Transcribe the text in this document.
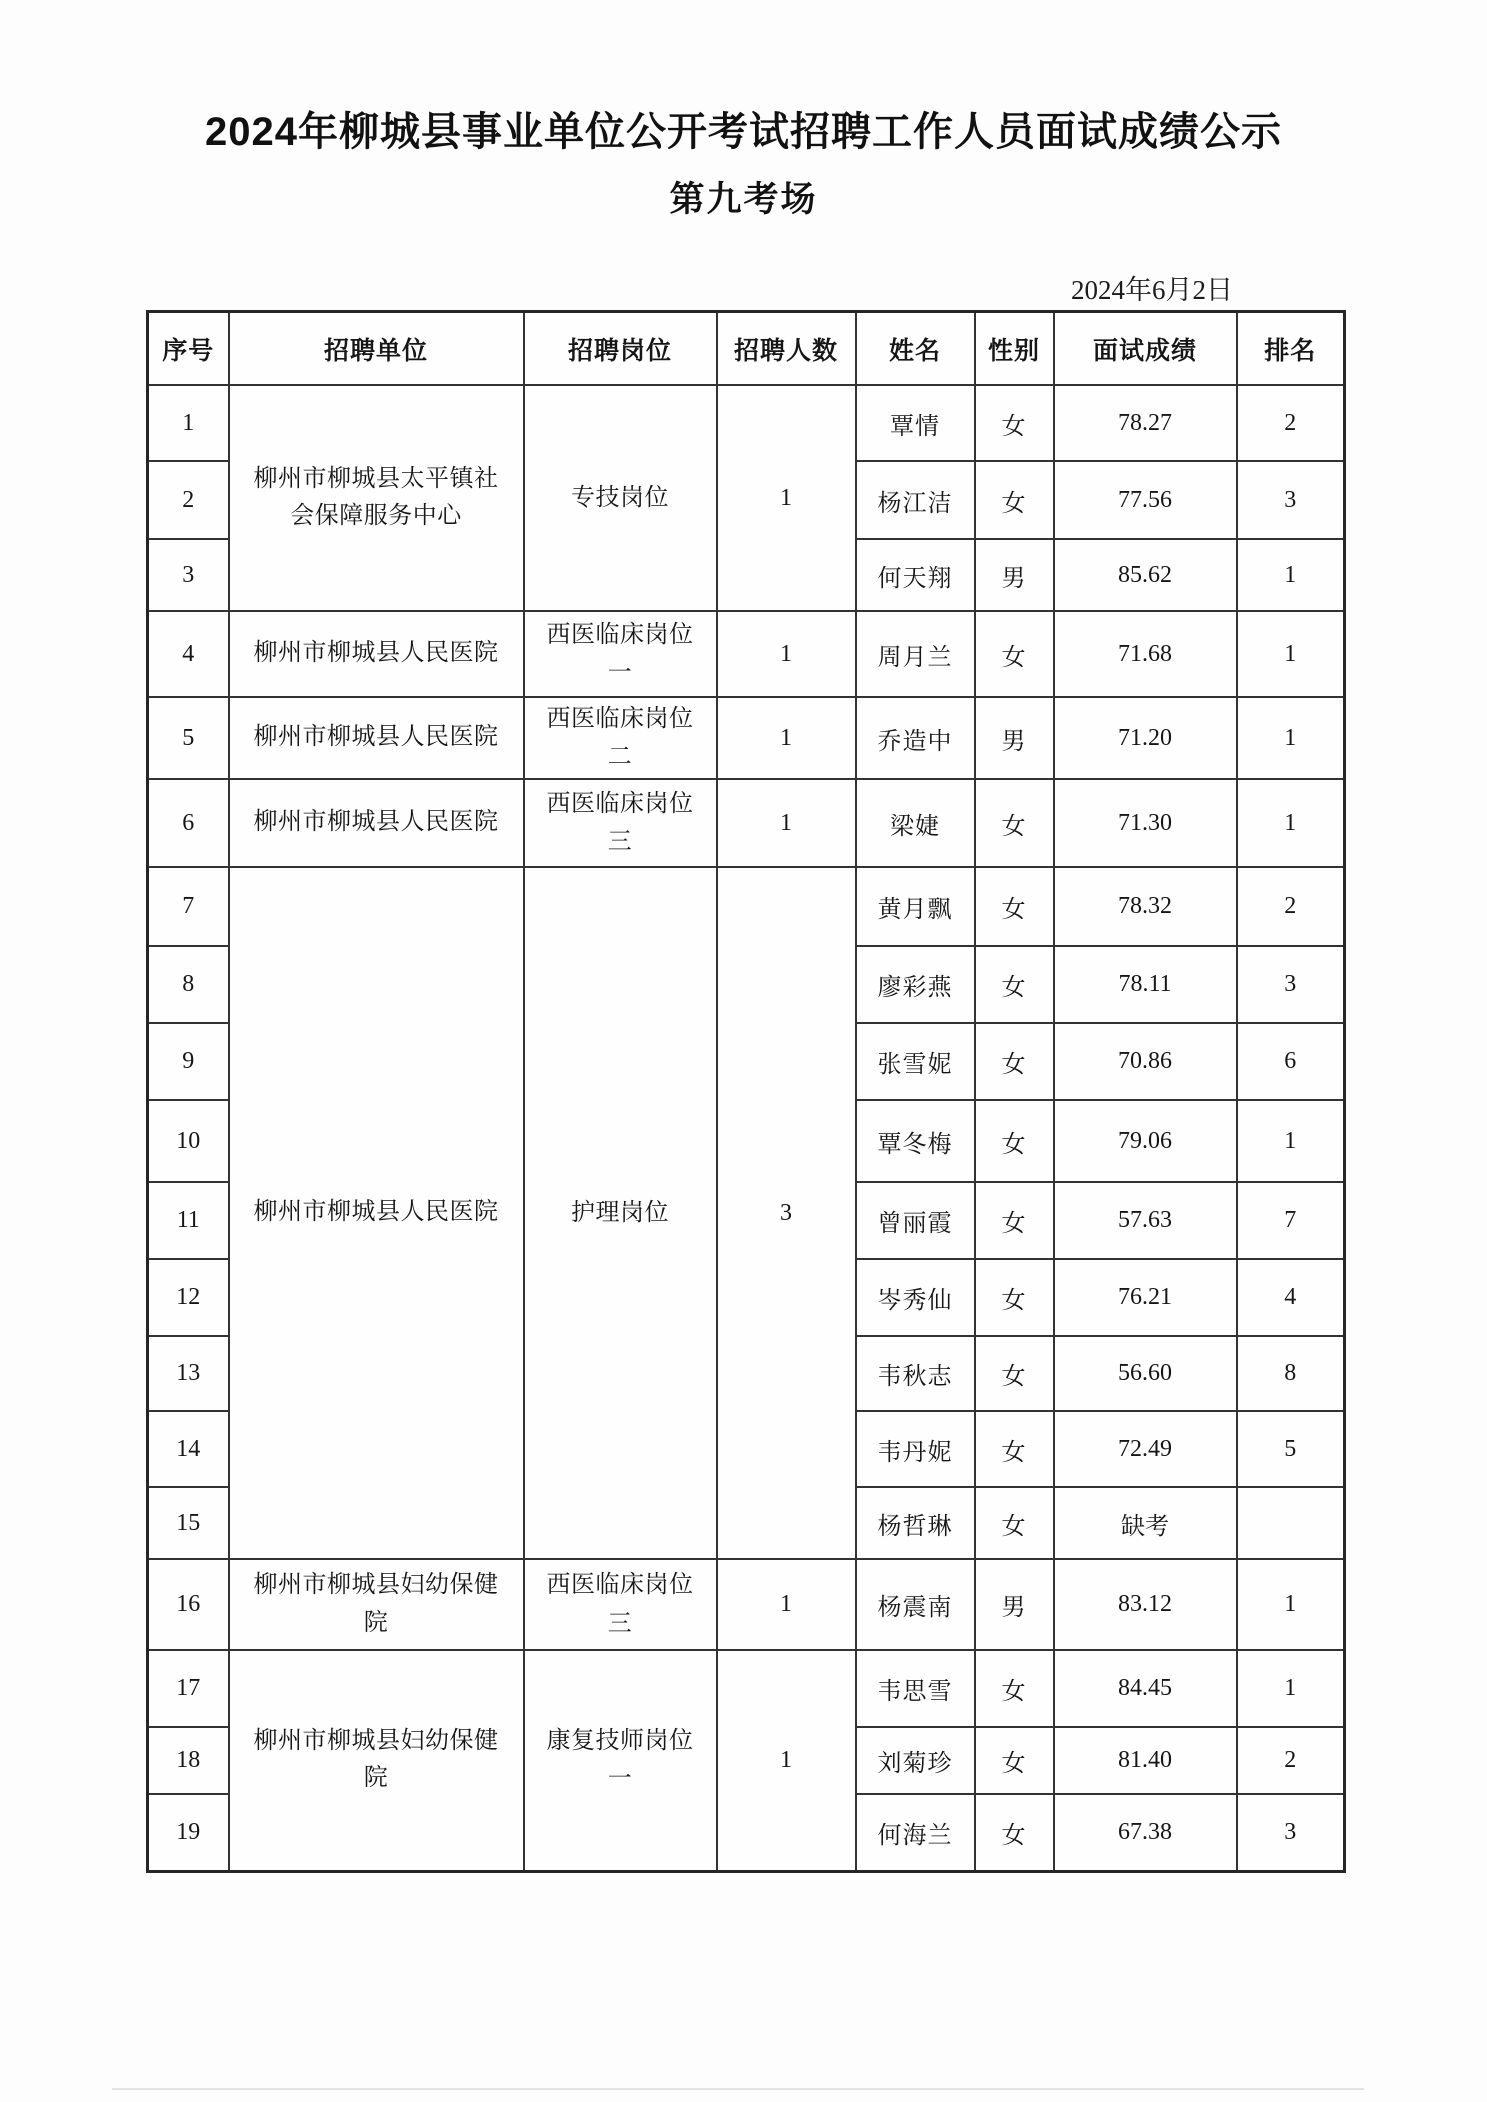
2024年柳城县事业单位公开考试招聘工作人员面试成绩公示
第九考场
2024年6月2日
序号	招聘单位	招聘岗位	招聘人数	姓名	性别	面试成绩	排名
1	柳州市柳城县太平镇社会保障服务中心	专技岗位	1	覃情	女	78.27	2
2				杨江洁	女	77.56	3
3				何天翔	男	85.62	1
4	柳州市柳城县人民医院	西医临床岗位一	1	周月兰	女	71.68	1
5	柳州市柳城县人民医院	西医临床岗位二	1	乔造中	男	71.20	1
6	柳州市柳城县人民医院	西医临床岗位三	1	梁婕	女	71.30	1
7	柳州市柳城县人民医院	护理岗位	3	黄月飘	女	78.32	2
8				廖彩燕	女	78.11	3
9				张雪妮	女	70.86	6
10				覃冬梅	女	79.06	1
11				曾丽霞	女	57.63	7
12				岑秀仙	女	76.21	4
13				韦秋志	女	56.60	8
14				韦丹妮	女	72.49	5
15				杨哲琳	女	缺考	
16	柳州市柳城县妇幼保健院	西医临床岗位三	1	杨震南	男	83.12	1
17	柳州市柳城县妇幼保健院	康复技师岗位一	1	韦思雪	女	84.45	1
18				刘菊珍	女	81.40	2
19				何海兰	女	67.38	3
